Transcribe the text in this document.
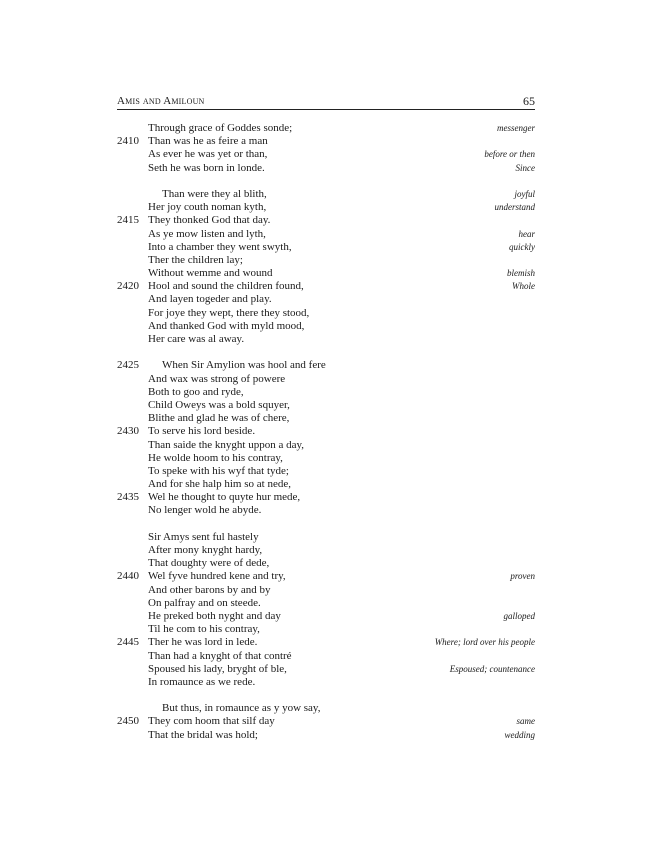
Amis and Amiloun	65
Through grace of Goddes sonde;	messenger
2410 Than was he as feire a man
As ever he was yet or than,	before or then
Seth he was born in londe.	Since
Than were they al blith,	joyful
Her joy couth noman kyth,	understand
2415 They thonked God that day.
As ye mow listen and lyth,	hear
Into a chamber they went swyth,	quickly
Ther the children lay;
Without wemme and wound	blemish
2420 Hool and sound the children found,	Whole
And layen togeder and play.
For joye they wept, there they stood,
And thanked God with myld mood,
Her care was al away.
2425 When Sir Amylion was hool and fere
And wax was strong of powere
Both to goo and ryde,
Child Oweys was a bold squyer,
Blithe and glad he was of chere,
2430 To serve his lord beside.
Than saide the knyght uppon a day,
He wolde hoom to his contray,
To speke with his wyf that tyde;
And for she halp him so at nede,
2435 Wel he thought to quyte hur mede,
No lenger wold he abyde.
Sir Amys sent ful hastely
After mony knyght hardy,
That doughty were of dede,
2440 Wel fyve hundred kene and try,	proven
And other barons by and by
On palfray and on steede.
He preked both nyght and day	galloped
Til he com to his contray,
2445 Ther he was lord in lede.	Where; lord over his people
Than had a knyght of that contré
Spoused his lady, bryght of ble,	Espoused; countenance
In romaunce as we rede.
But thus, in romaunce as y yow say,
2450 They com hoom that silf day	same
That the bridal was hold;	wedding
